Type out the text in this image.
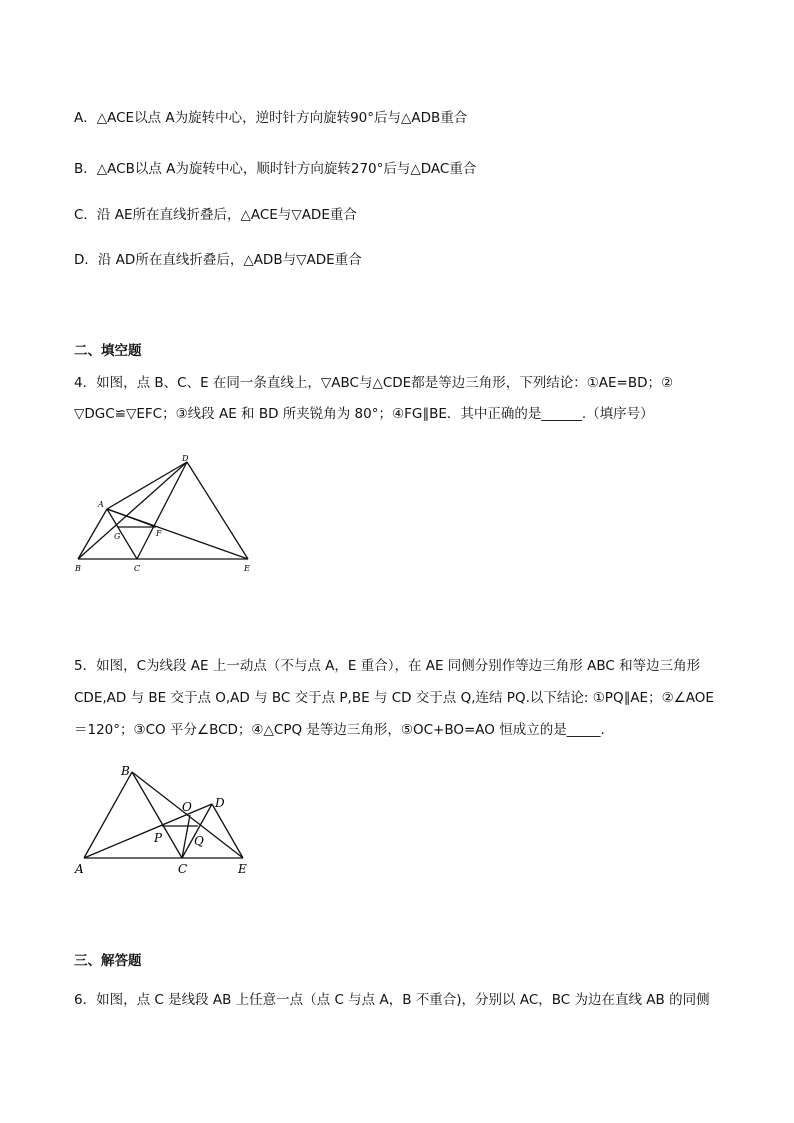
A．△ACE以点 A为旋转中心，逆时针方向旋转90°后与△ADB重合
B．△ACB以点 A为旋转中心，顺时针方向旋转270°后与△DAC重合
C．沿 AE所在直线折叠后，△ACE与▽ADE重合
D．沿 AD所在直线折叠后，△ADB与▽ADE重合
二、填空题
4．如图，点 B、C、E 在同一条直线上，▽ABC与△CDE都是等边三角形，下列结论：①AE=BD；②
▽DGC≌▽EFC；③线段 AE 和 BD 所夹锐角为 80°；④FG∥BE．其中正确的是______.（填序号）
D
A
G	F
B	C	E
5．如图，C为线段 AE 上一动点（不与点 A，E 重合），在 AE 同侧分别作等边三角形 ABC 和等边三角形
CDE,AD 与 BE 交于点 O,AD 与 BC 交于点 P,BE 与 CD 交于点 Q,连结 PQ.以下结论: ①PQ∥AE；②∠AOE
＝120°；③CO 平分∠BCD；④△CPQ 是等边三角形，⑤OC+BO=AO 恒成立的是_____.
B
D
O
P	Q
A	C	E
三、解答题
6．如图，点 C 是线段 AB 上任意一点（点 C 与点 A，B 不重合)，分别以 AC，BC 为边在直线 AB 的同侧
